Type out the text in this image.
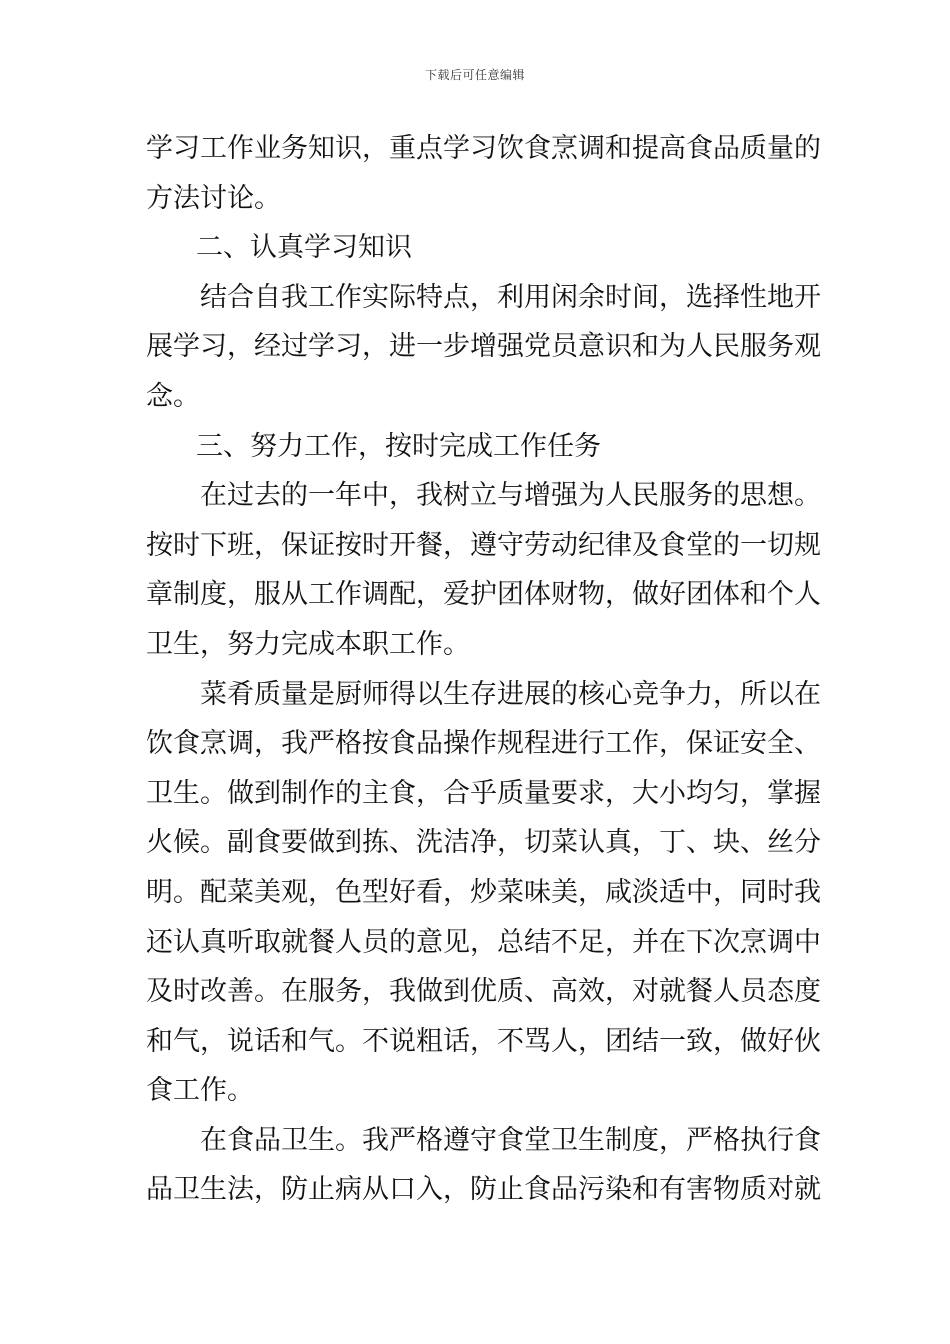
下载后可任意编辑
学习工作业务知识，重点学习饮食烹调和提高食品质量的
方法讨论。
二、认真学习知识
结合自我工作实际特点，利用闲余时间，选择性地开
展学习，经过学习，进一步增强党员意识和为人民服务观
念。
三、努力工作，按时完成工作任务
在过去的一年中，我树立与增强为人民服务的思想。
按时下班，保证按时开餐，遵守劳动纪律及食堂的一切规
章制度，服从工作调配，爱护团体财物，做好团体和个人
卫生，努力完成本职工作。
菜肴质量是厨师得以生存进展的核心竞争力，所以在
饮食烹调，我严格按食品操作规程进行工作，保证安全、
卫生。做到制作的主食，合乎质量要求，大小均匀，掌握
火候。副食要做到拣、洗洁净，切菜认真，丁、块、丝分
明。配菜美观，色型好看，炒菜味美，咸淡适中，同时我
还认真听取就餐人员的意见，总结不足，并在下次烹调中
及时改善。在服务，我做到优质、高效，对就餐人员态度
和气，说话和气。不说粗话，不骂人，团结一致，做好伙
食工作。
在食品卫生。我严格遵守食堂卫生制度，严格执行食
品卫生法，防止病从口入，防止食品污染和有害物质对就
